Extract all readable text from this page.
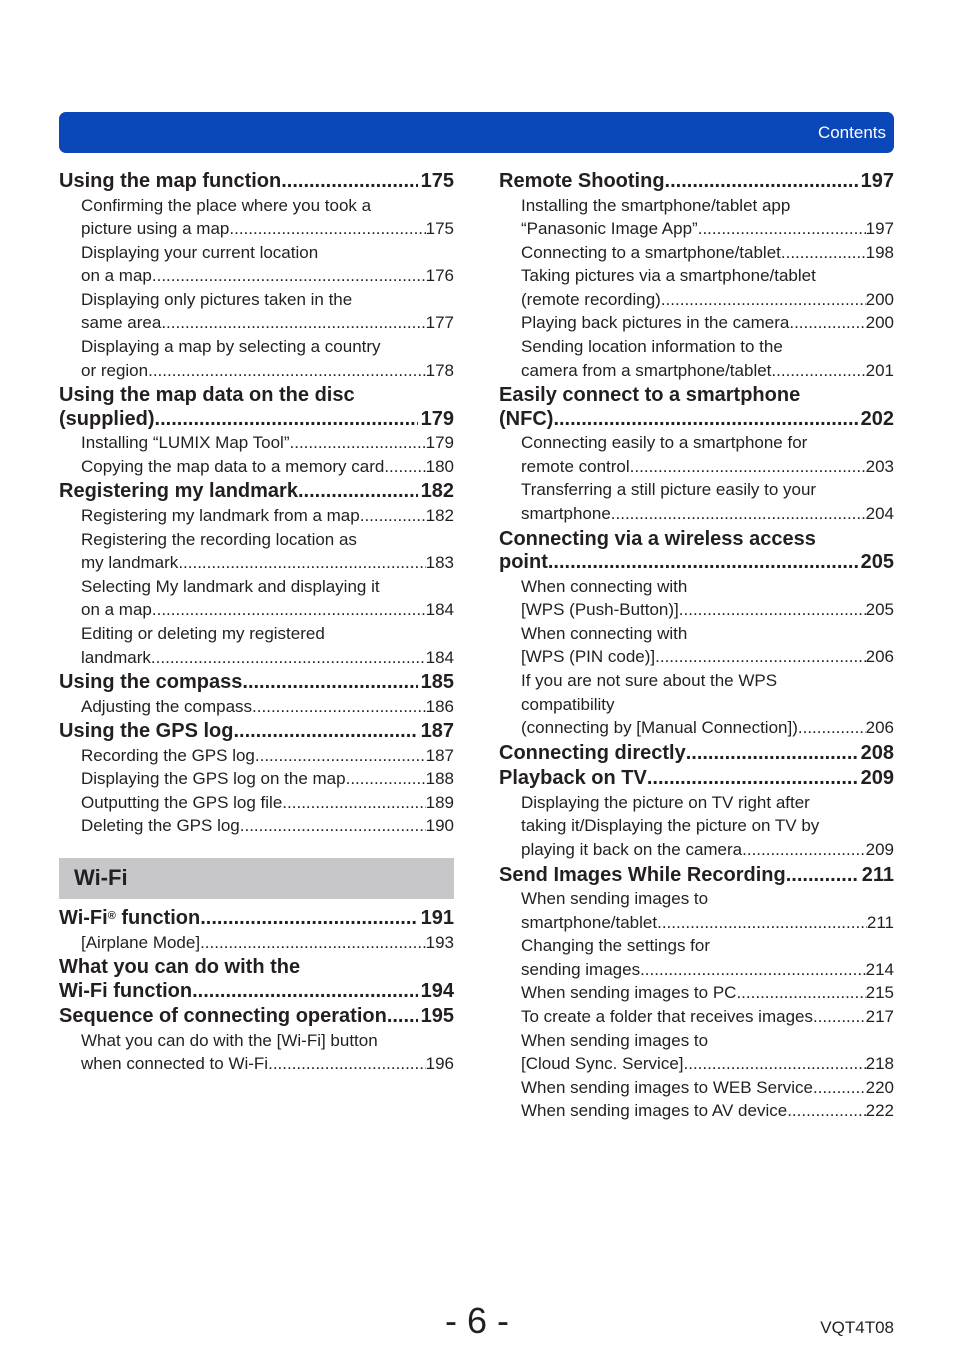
Contents
Using the map function .....	175
Confirming the place where you took a
picture using a map .....	175
Displaying your current location
on a map .....	176
Displaying only pictures taken in the
same area .....	177
Displaying a map by selecting a country
or region .....	178
Using the map data on the disc
(supplied) .....	179
Installing “LUMIX Map Tool” .....	179
Copying the map data to a memory card ..... 180
Registering my landmark .....	182
Registering my landmark from a map .....	182
Registering the recording location as
my landmark .....	183
Selecting My landmark and displaying it
on a map .....	184
Editing or deleting my registered
landmark .....	184
Using the compass .....	185
Adjusting the compass .....	186
Using the GPS log .....	187
Recording the GPS log .....	187
Displaying the GPS log on the map .....	188
Outputting the GPS log file .....	189
Deleting the GPS log .....	190
Wi-Fi
Wi-Fi® function .....	191
[Airplane Mode] .....	193
What you can do with the
Wi-Fi function .....	194
Sequence of connecting operation ..... 195
What you can do with the [Wi-Fi] button
when connected to Wi-Fi .....	196
Remote Shooting .....	197
Installing the smartphone/tablet app
“Panasonic Image App” .....	197
Connecting to a smartphone/tablet .....	198
Taking pictures via a smartphone/tablet
(remote recording) .....	200
Playing back pictures in the camera .....	200
Sending location information to the
camera from a smartphone/tablet .....	201
Easily connect to a smartphone
(NFC) .....	202
Connecting easily to a smartphone for
remote control .....	203
Transferring a still picture easily to your
smartphone .....	204
Connecting via a wireless access
point .....	205
When connecting with
[WPS (Push-Button)] .....	205
When connecting with
[WPS (PIN code)] .....	206
If you are not sure about the WPS
compatibility
(connecting by [Manual Connection]) .....	206
Connecting directly .....	208
Playback on TV .....	209
Displaying the picture on TV right after
taking it/Displaying the picture on TV by
playing it back on the camera .....	209
Send Images While Recording .....	211
When sending images to
smartphone/tablet .....	211
Changing the settings for
sending images .....	214
When sending images to PC .....	215
To create a folder that receives images .....	217
When sending images to
[Cloud Sync. Service] .....	218
When sending images to WEB Service .....	220
When sending images to AV device .....	222
- 6 -	VQT4T08
